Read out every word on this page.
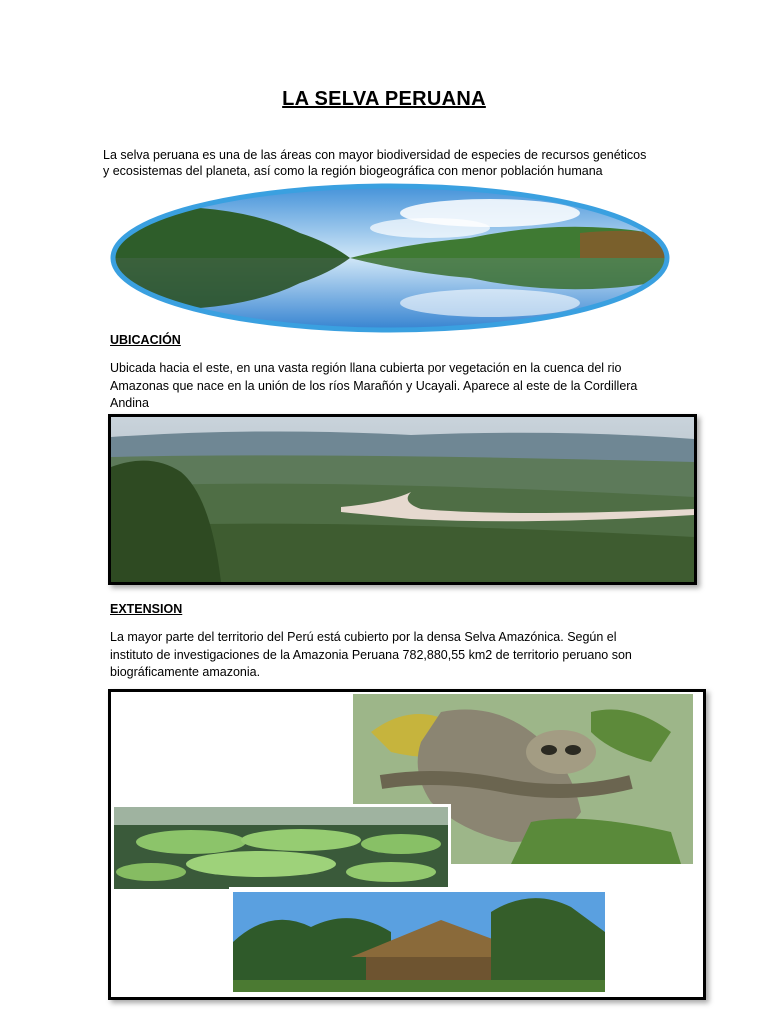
LA SELVA PERUANA
La selva peruana es una de las áreas con mayor biodiversidad de especies de recursos genéticos
y ecosistemas del planeta, así como la región biogeográfica con menor población humana
UBICACIÓN
Ubicada hacia el este, en una vasta región llana cubierta por vegetación en la cuenca del rio
Amazonas que nace en la unión de los ríos Marañón y Ucayali. Aparece al este de la Cordillera
Andina
EXTENSION
La mayor parte del territorio del Perú está cubierto por la densa Selva Amazónica. Según el
instituto de investigaciones de la Amazonia Peruana 782,880,55 km2 de territorio peruano son
biográficamente amazonia.
